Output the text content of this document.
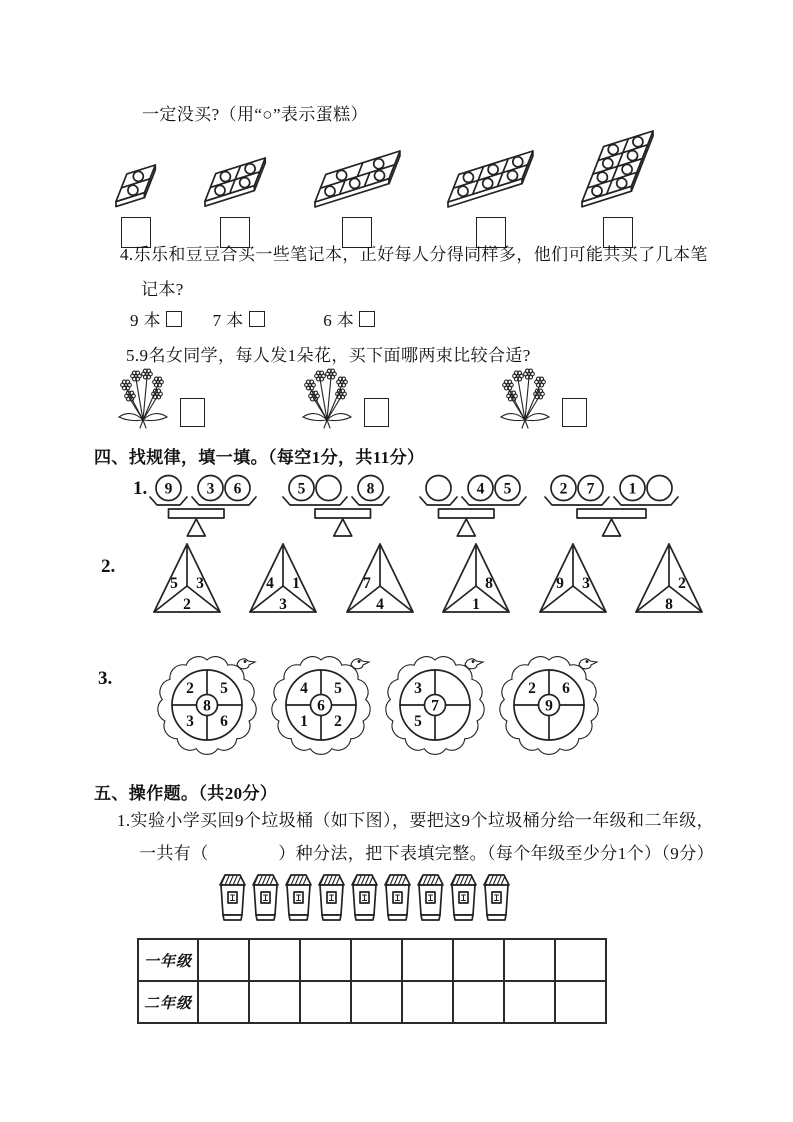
一定没买?（用“○”表示蛋糕）
4.乐乐和豆豆合买一些笔记本，正好每人分得同样多，他们可能共买了几本笔
记本?
9 本	7 本	6 本
5.9名女同学，每人发1朵花，买下面哪两束比较合适?
四、找规律，填一填。（每空1分，共11分）
1. 9 3 6	5	8	4 5	2 7 1
2.
5 3
2
4 1
3
7
4
8
1
9 3	2
8
3.
8
2 5
3 6
6
4 5
1 2
7
3
5
9
2 6
五、操作题。（共20分）
1.实验小学买回9个垃圾桶（如下图），要把这9个垃圾桶分给一年级和二年级，
一共有（　　　　）种分法，把下表填完整。（每个年级至少分1个）（9分）
一年级								
二年级								
